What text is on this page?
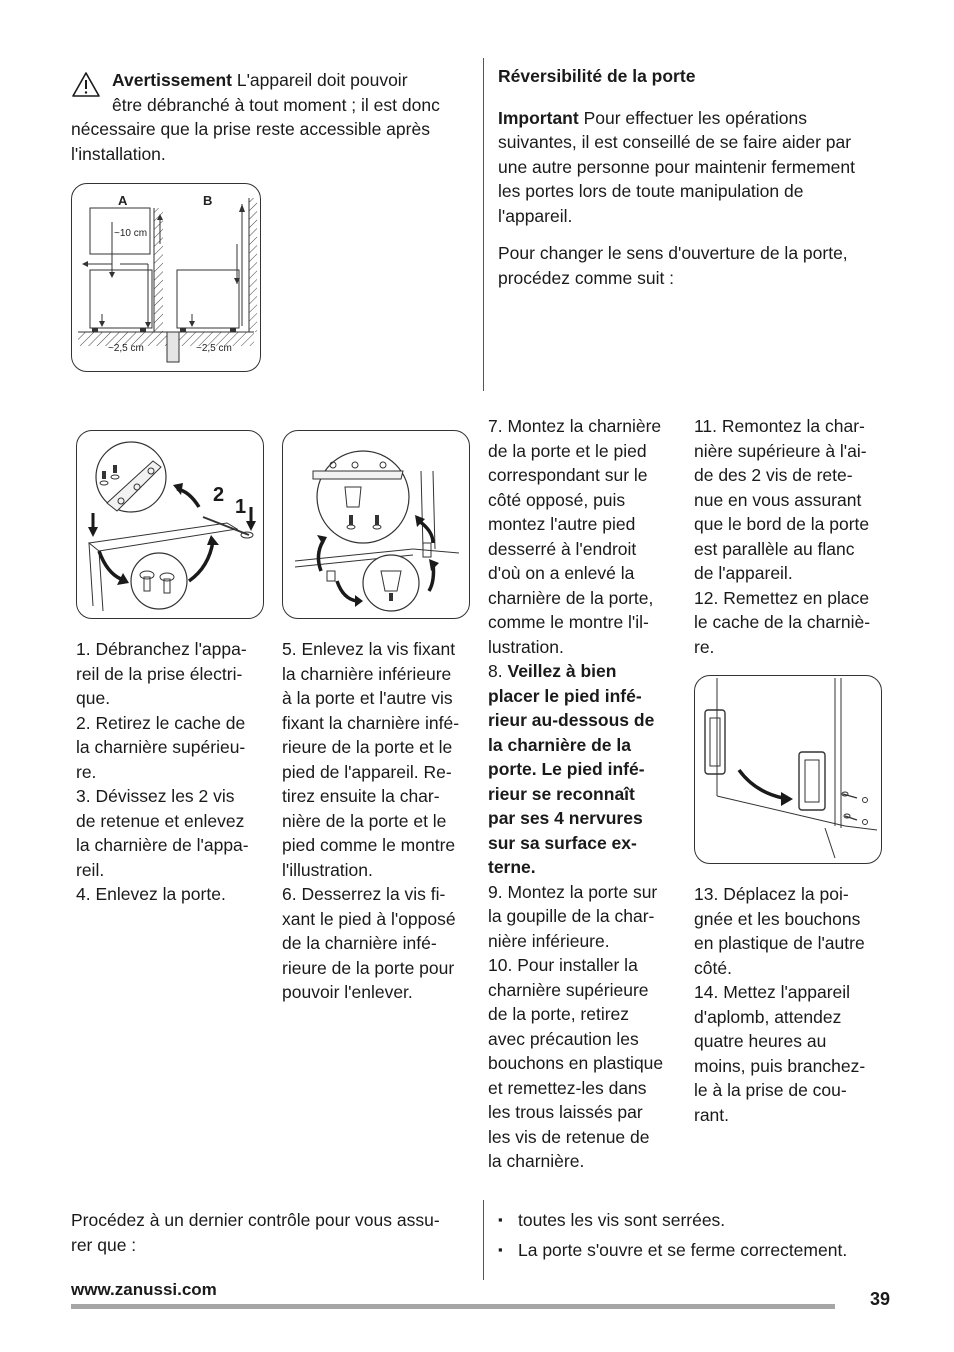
Avertissement L'appareil doit pouvoir

être débranché à tout moment ; il est donc

nécessaire que la prise reste accessible après

l'installation.

~10 cm
A	B
~2,5 cm	~2,5 cm

Réversibilité de la porte

Important Pour effectuer les opérations

suivantes, il est conseillé de se faire aider par

une autre personne pour maintenir fermement

les portes lors de toute manipulation de

l'appareil.

Pour changer le sens d'ouverture de la porte,

procédez comme suit :

2
1

1. Débranchez l'appa-

reil de la prise électri-

que.

2. Retirez le cache de

la charnière supérieu-

re.

3. Dévissez les 2 vis

de retenue et enlevez

la charnière de l'appa-

reil.

4. Enlevez la porte.

5. Enlevez la vis fixant

la charnière inférieure

à la porte et l'autre vis

fixant la charnière infé-

rieure de la porte et le

pied de l'appareil. Re-

tirez ensuite la char-

nière de la porte et le

pied comme le montre

l'illustration.

6. Desserrez la vis fi-

xant le pied à l'opposé

de la charnière infé-

rieure de la porte pour

pouvoir l'enlever.

7. Montez la charnière

de la porte et le pied

correspondant sur le

côté opposé, puis

montez l'autre pied

desserré à l'endroit

d'où on a enlevé la

charnière de la porte,

comme le montre l'il-

lustration.

8. Veillez à bien

placer le pied infé-

rieur au-dessous de

la charnière de la

porte. Le pied infé-

rieur se reconnaît

par ses 4 nervures

sur sa surface ex-

terne.

9. Montez la porte sur

la goupille de la char-

nière inférieure.

10. Pour installer la

charnière supérieure

de la porte, retirez

avec précaution les

bouchons en plastique

et remettez-les dans

les trous laissés par

les vis de retenue de

la charnière.

11. Remontez la char-

nière supérieure à l'ai-

de des 2 vis de rete-

nue en vous assurant

que le bord de la porte

est parallèle au flanc

de l'appareil.

12. Remettez en place

le cache de la charniè-

re.

13. Déplacez la poi-

gnée et les bouchons

en plastique de l'autre

côté.

14. Mettez l'appareil

d'aplomb, attendez

quatre heures au

moins, puis branchez-

le à la prise de cou-

rant.

Procédez à un dernier contrôle pour vous assu-

rer que :

▪ toutes les vis sont serrées.
▪ La porte s'ouvre et se ferme correctement.
www.zanussi.com	39
